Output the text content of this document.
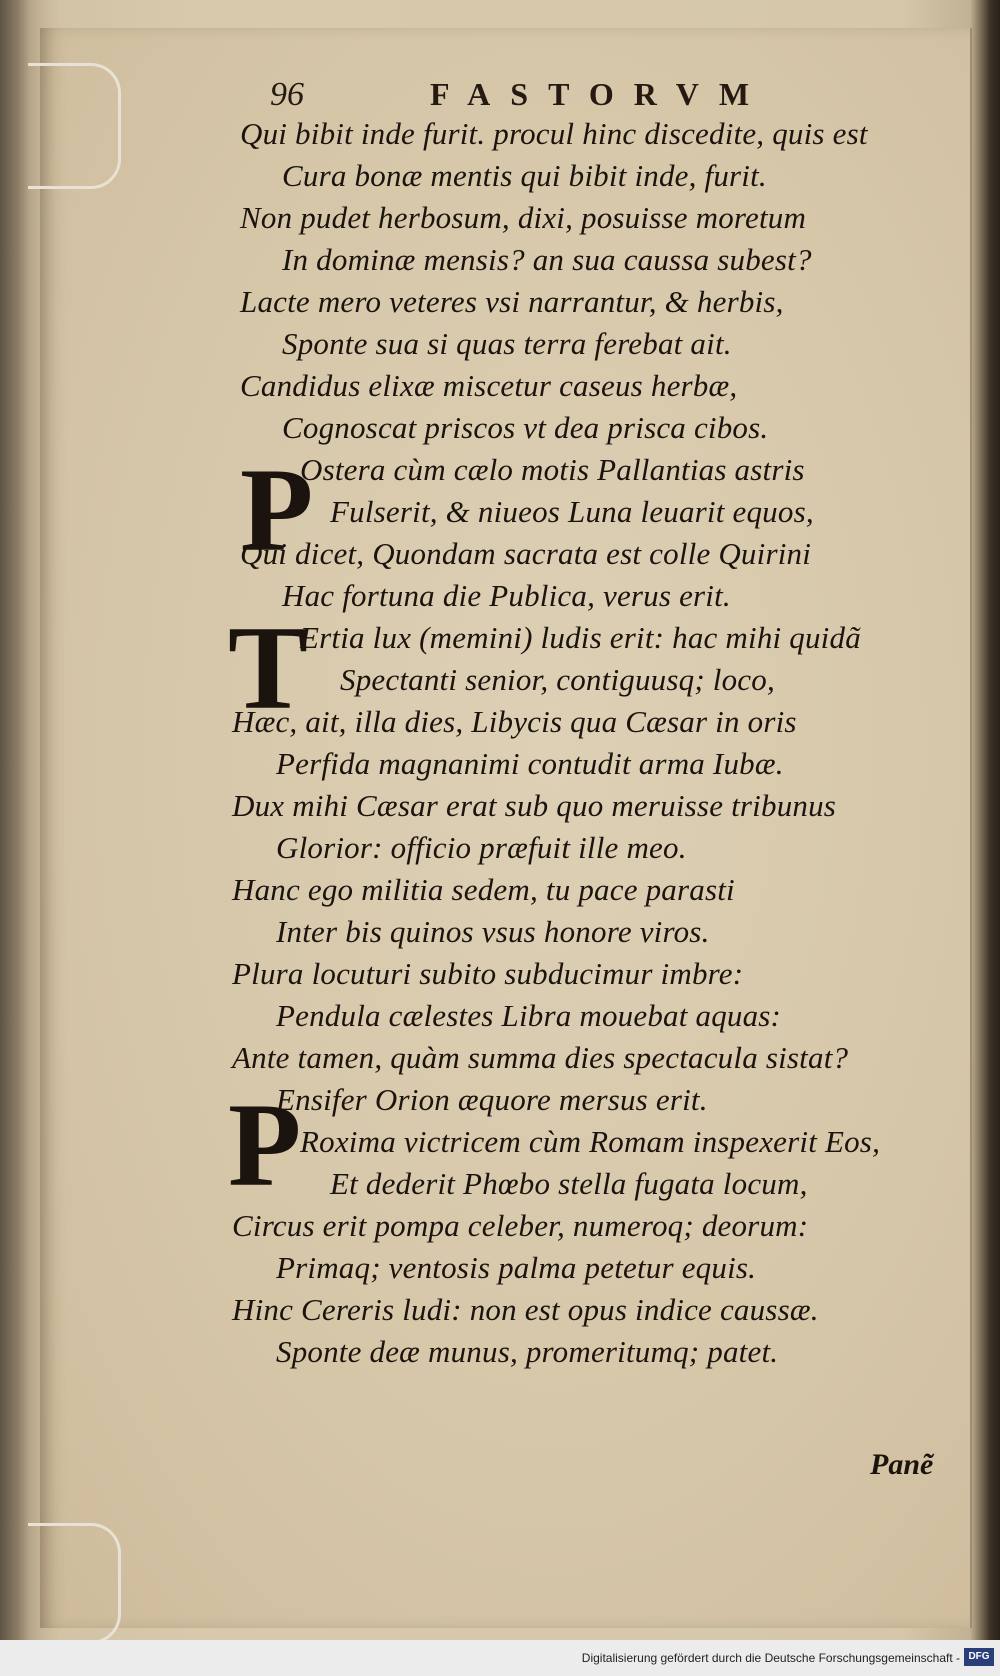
96	FASTORVM
P
T
P
Qui bibit inde furit. procul hinc discedite, quis est
Cura bonæ mentis qui bibit inde, furit.
Non pudet herbosum, dixi, posuisse moretum
In dominæ mensis? an sua caussa subest?
Lacte mero veteres vsi narrantur, & herbis,
Sponte sua si quas terra ferebat ait.
Candidus elixæ miscetur caseus herbæ,
Cognoscat priscos vt dea prisca cibos.
Ostera cùm cælo motis Pallantias astris
Fulserit, & niueos Luna leuarit equos,
Qui dicet, Quondam sacrata est colle Quirini
Hac fortuna die Publica, verus erit.
Ertia lux (memini) ludis erit: hac mihi quidã
Spectanti senior, contiguusq; loco,
Hæc, ait, illa dies, Libycis qua Cæsar in oris
Perfida magnanimi contudit arma Iubæ.
Dux mihi Cæsar erat sub quo meruisse tribunus
Glorior: officio præfuit ille meo.
Hanc ego militia sedem, tu pace parasti
Inter bis quinos vsus honore viros.
Plura locuturi subito subducimur imbre:
Pendula cælestes Libra mouebat aquas:
Ante tamen, quàm summa dies spectacula sistat?
Ensifer Orion æquore mersus erit.
Roxima victricem cùm Romam inspexerit Eos,
Et dederit Phœbo stella fugata locum,
Circus erit pompa celeber, numeroq; deorum:
Primaq; ventosis palma petetur equis.
Hinc Cereris ludi: non est opus indice caussæ.
Sponte deæ munus, promeritumq; patet.
Panẽ
Digitalisierung gefördert durch die Deutsche Forschungsgemeinschaft - DFG
